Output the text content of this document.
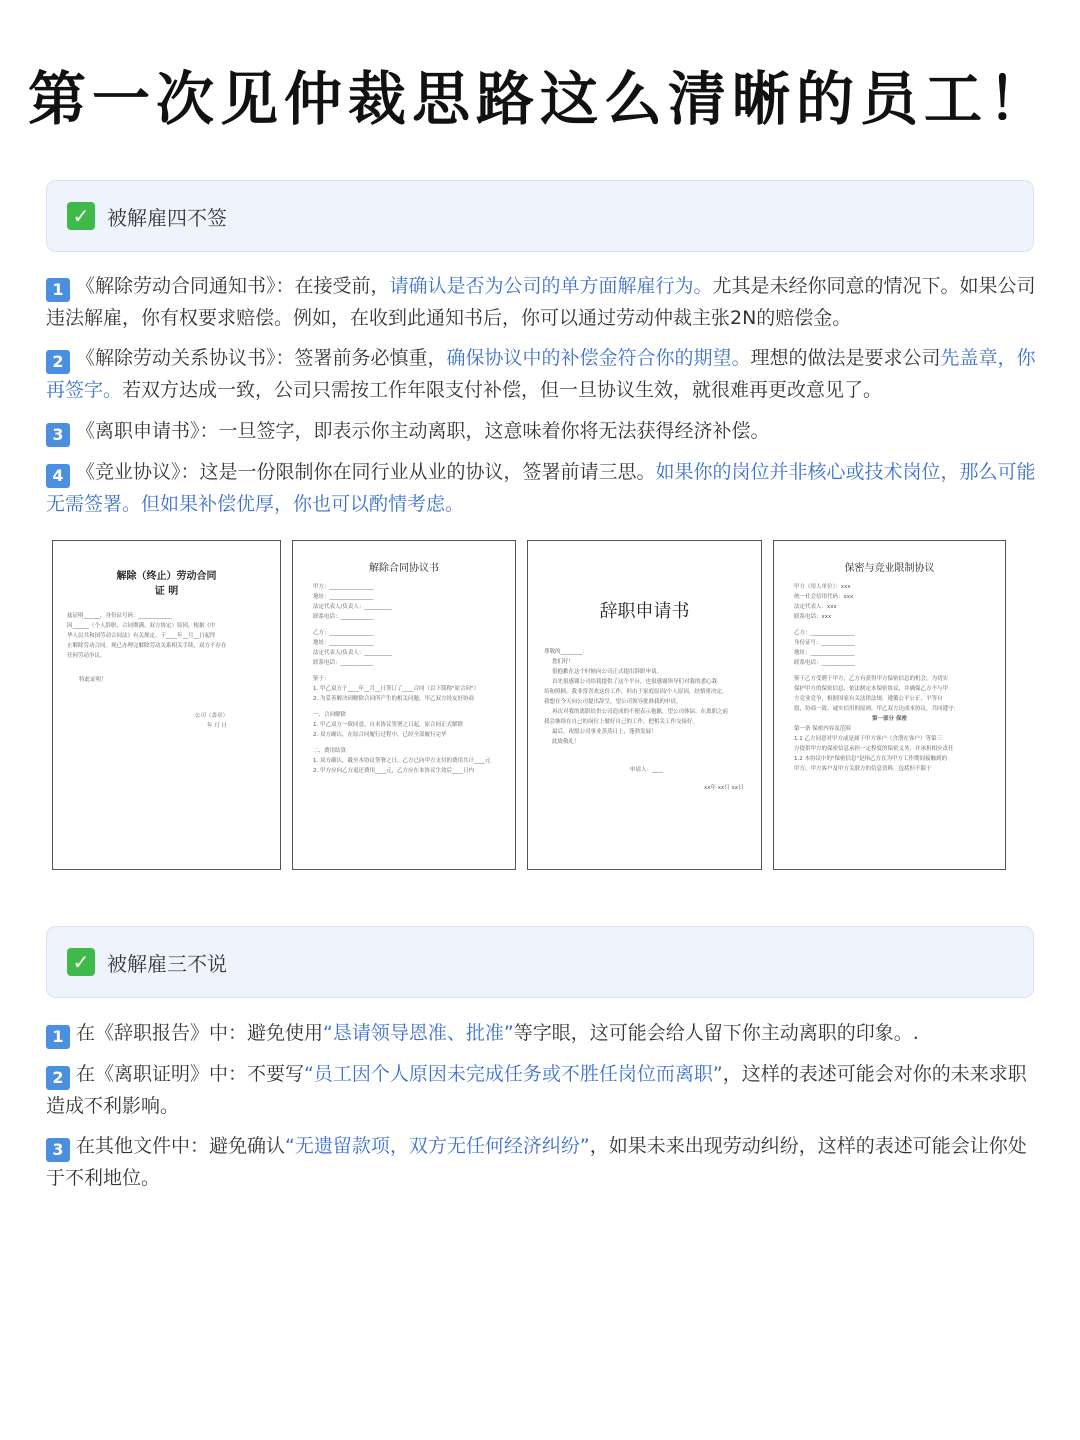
第一次见仲裁思路这么清晰的员工！
✓ 被解雇四不签
1 《解除劳动合同通知书》：在接受前，请确认是否为公司的单方面解雇行为。尤其是未经你同意的情况下。如果公司违法解雇，你有权要求赔偿。例如，在收到此通知书后，你可以通过劳动仲裁主张2N的赔偿金。
2 《解除劳动关系协议书》：签署前务必慎重，确保协议中的补偿金符合你的期望。理想的做法是要求公司先盖章，你再签字。若双方达成一致，公司只需按工作年限支付补偿，但一旦协议生效，就很难再更改意见了。
3 《离职申请书》：一旦签字，即表示你主动离职，这意味着你将无法获得经济补偿。
4 《竞业协议》：这是一份限制你在同行业从业的协议，签署前请三思。如果你的岗位并非核心或技术岗位，那么可能无需签署。但如果补偿优厚，你也可以酌情考虑。
解除（终止）劳动合同
证 明
兹证明______，身份证号码：____________
因______（个人辞职、合同期满、双方协定）原因，根据《中
华人民共和国劳动合同法》有关规定，于____年__月__日起终
止解除劳动合同。现已办理完解除劳动关系相关手续，双方不存在
任何劳动争议。
特此证明！
公司（盖章）
年 月 日
解除合同协议书
甲方：________________
地址：________________
法定代表人/负责人：__________
联系电话：____________
乙方：________________
地址：________________
法定代表人/负责人：__________
联系电话：____________
鉴于：
1. 甲乙双方于____年__月__日签订了____合同（以下简称"原合同"）
2. 为妥善解决因解除合同所产生的相关问题，甲乙双方经友好协商
一、合同解除
1. 甲乙双方一致同意，自本协议签署之日起，原合同正式解除
2. 双方确认，在原合同履行过程中，已经全部履行完毕
二、费用结算
1. 双方确认，截至本协议签署之日，乙方已向甲方支付的费用共计____元
2. 甲方应向乙方退还费用____元，乙方应在本协议生效后____日内
辞职申请书
尊敬的________：
您们好！
很抱歉在这个时候向公司正式提出辞职申请。
首先很感谢公司给我提供了这个平台，也很感谢领导们对我的悉心栽
培和照顾，我非常喜欢这份工作，但由于家庭原因/个人原因，经慎重决定，
我想在今天向公司提出辞呈，望公司领导批准我的申请。
再次对我的离职给贵公司造成的不便表示抱歉，望公司体谅。在离职之前
我会继续在自己的岗位上做好自己的工作，把相关工作交接好。
最后，祝愿公司事业蒸蒸日上，蓬勃发展！
此致敬礼！
申请人：____
xx年 xx月 xx日
保密与竞业限制协议
甲方（用人单位）：xxx
统一社会信用代码：xxx
法定代表人：xxx
联系电话：xxx
乙方：________________
身份证号：____________
地址：________________
联系电话：____________
鉴于乙方受聘于甲方，乙方有获得甲方保密信息的机会，为切实
保护甲方的保密信息，依法制定本保密协议，并确保乙方不与甲
方竞业竞争，根据国家有关法律法规，遵循公平公正、平等自
愿、协商一致、诚实信用的原则，甲乙双方达成本协议，共同遵守：
第一部分 保密
第一条 保密内容及范围
1.1 乙方同意对甲方或是属于甲方客户（含潜在客户）等第三
方提供甲方的保密信息承担一定程度的保密义务，并承担相应责任
1.2 本协议中的"保密信息"是指乙方在为甲方工作期间接触到的
甲方、甲方客户及甲方关联方的信息资料，包括但不限于
✓ 被解雇三不说
1 在《辞职报告》中：避免使用“恳请领导恩准、批准”等字眼，这可能会给人留下你主动离职的印象。.
2 在《离职证明》中：不要写“员工因个人原因未完成任务或不胜任岗位而离职”，这样的表述可能会对你的未来求职造成不利影响。
3 在其他文件中：避免确认“无遗留款项，双方无任何经济纠纷”，如果未来出现劳动纠纷，这样的表述可能会让你处于不利地位。
